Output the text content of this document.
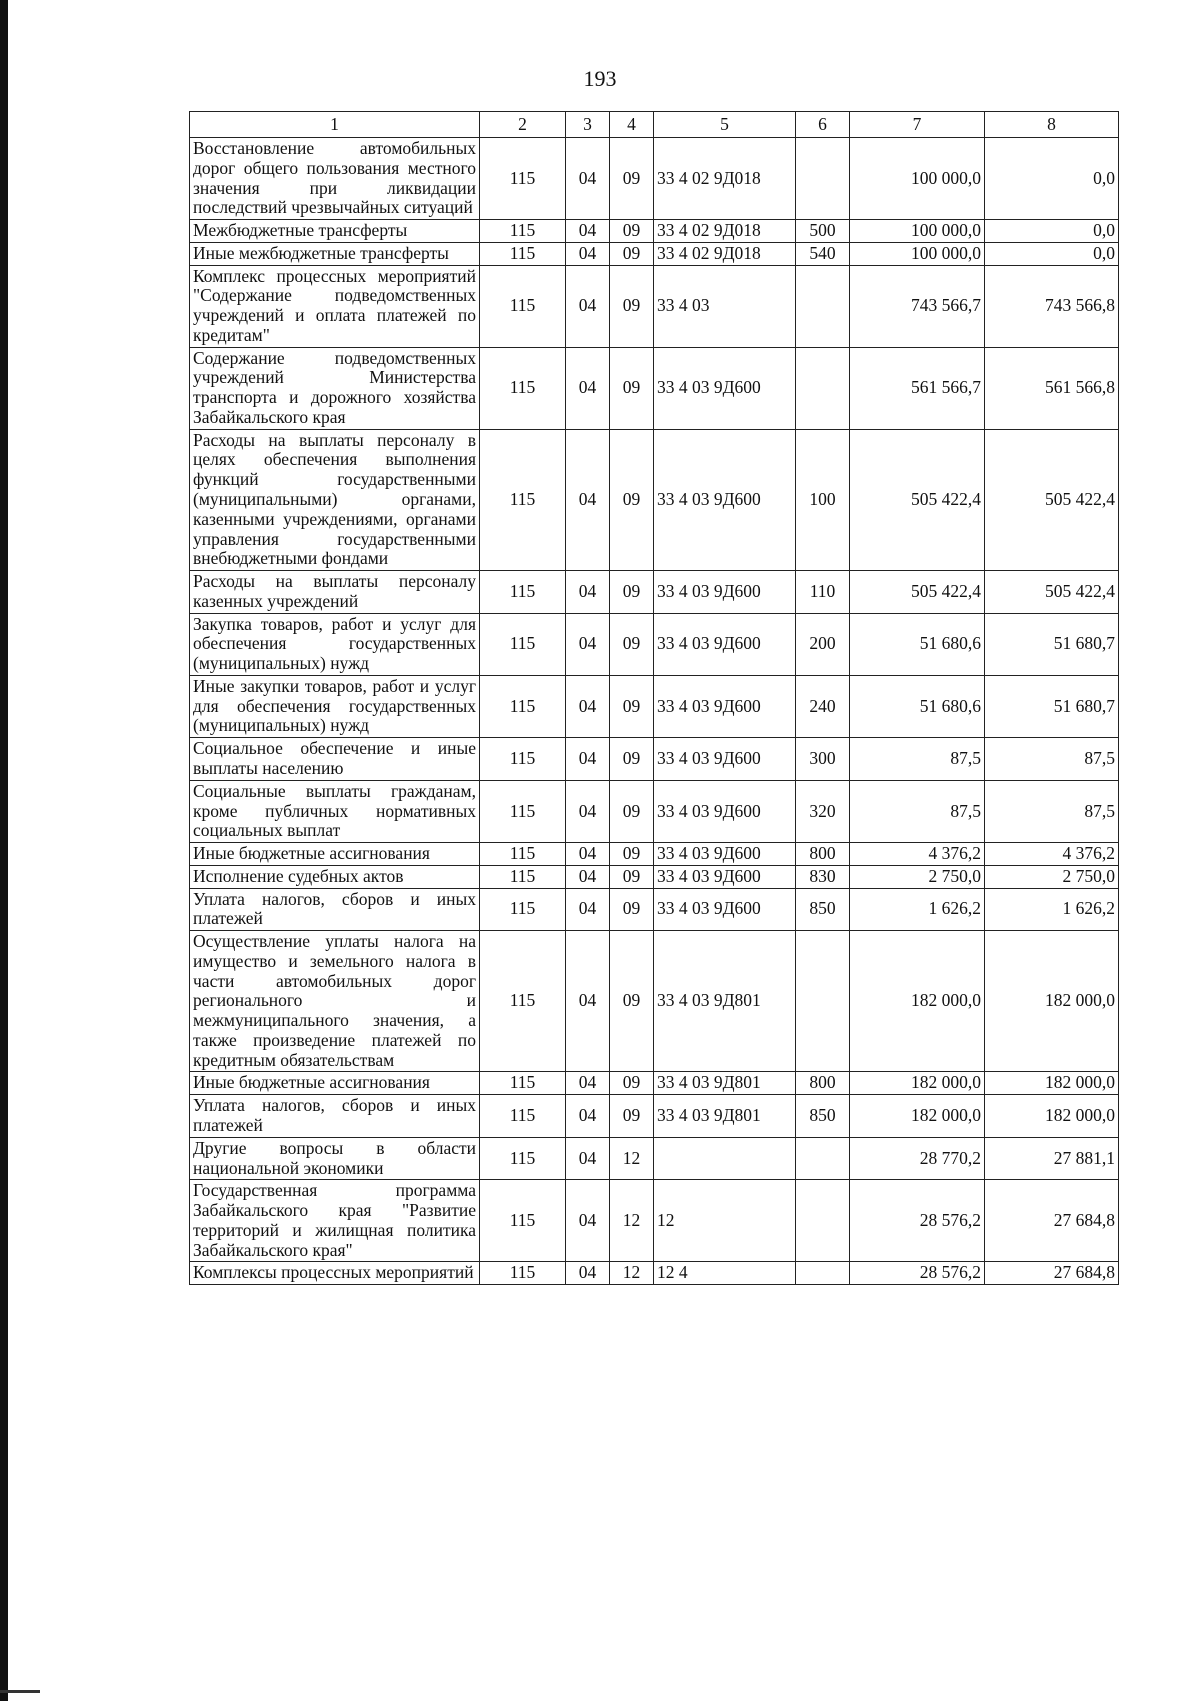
193
1	2	3	4	5	6	7	8
Восстановление автомобильных дорог общего пользования местного значения при ликвидации последствий чрезвычайных ситуаций	115	04	09	33 4 02 9Д018		100 000,0	0,0
Межбюджетные трансферты	115	04	09	33 4 02 9Д018	500	100 000,0	0,0
Иные межбюджетные трансферты	115	04	09	33 4 02 9Д018	540	100 000,0	0,0
Комплекс процессных мероприятий "Содержание подведомственных учреждений и оплата платежей по кредитам"	115	04	09	33 4 03		743 566,7	743 566,8
Содержание подведомственных учреждений Министерства транспорта и дорожного хозяйства Забайкальского края	115	04	09	33 4 03 9Д600		561 566,7	561 566,8
Расходы на выплаты персоналу в целях обеспечения выполнения функций государственными (муниципальными) органами, казенными учреждениями, органами управления государственными внебюджетными фондами	115	04	09	33 4 03 9Д600	100	505 422,4	505 422,4
Расходы на выплаты персоналу казенных учреждений	115	04	09	33 4 03 9Д600	110	505 422,4	505 422,4
Закупка товаров, работ и услуг для обеспечения государственных (муниципальных) нужд	115	04	09	33 4 03 9Д600	200	51 680,6	51 680,7
Иные закупки товаров, работ и услуг для обеспечения государственных (муниципальных) нужд	115	04	09	33 4 03 9Д600	240	51 680,6	51 680,7
Социальное обеспечение и иные выплаты населению	115	04	09	33 4 03 9Д600	300	87,5	87,5
Социальные выплаты гражданам, кроме публичных нормативных социальных выплат	115	04	09	33 4 03 9Д600	320	87,5	87,5
Иные бюджетные ассигнования	115	04	09	33 4 03 9Д600	800	4 376,2	4 376,2
Исполнение судебных актов	115	04	09	33 4 03 9Д600	830	2 750,0	2 750,0
Уплата налогов, сборов и иных платежей	115	04	09	33 4 03 9Д600	850	1 626,2	1 626,2
Осуществление уплаты налога на имущество и земельного налога в части автомобильных дорог регионального и межмуниципального значения, а также произведение платежей по кредитным обязательствам	115	04	09	33 4 03 9Д801		182 000,0	182 000,0
Иные бюджетные ассигнования	115	04	09	33 4 03 9Д801	800	182 000,0	182 000,0
Уплата налогов, сборов и иных платежей	115	04	09	33 4 03 9Д801	850	182 000,0	182 000,0
Другие вопросы в области национальной экономики	115	04	12			28 770,2	27 881,1
Государственная программа Забайкальского края "Развитие территорий и жилищная политика Забайкальского края"	115	04	12	12		28 576,2	27 684,8
Комплексы процессных мероприятий	115	04	12	12 4		28 576,2	27 684,8
